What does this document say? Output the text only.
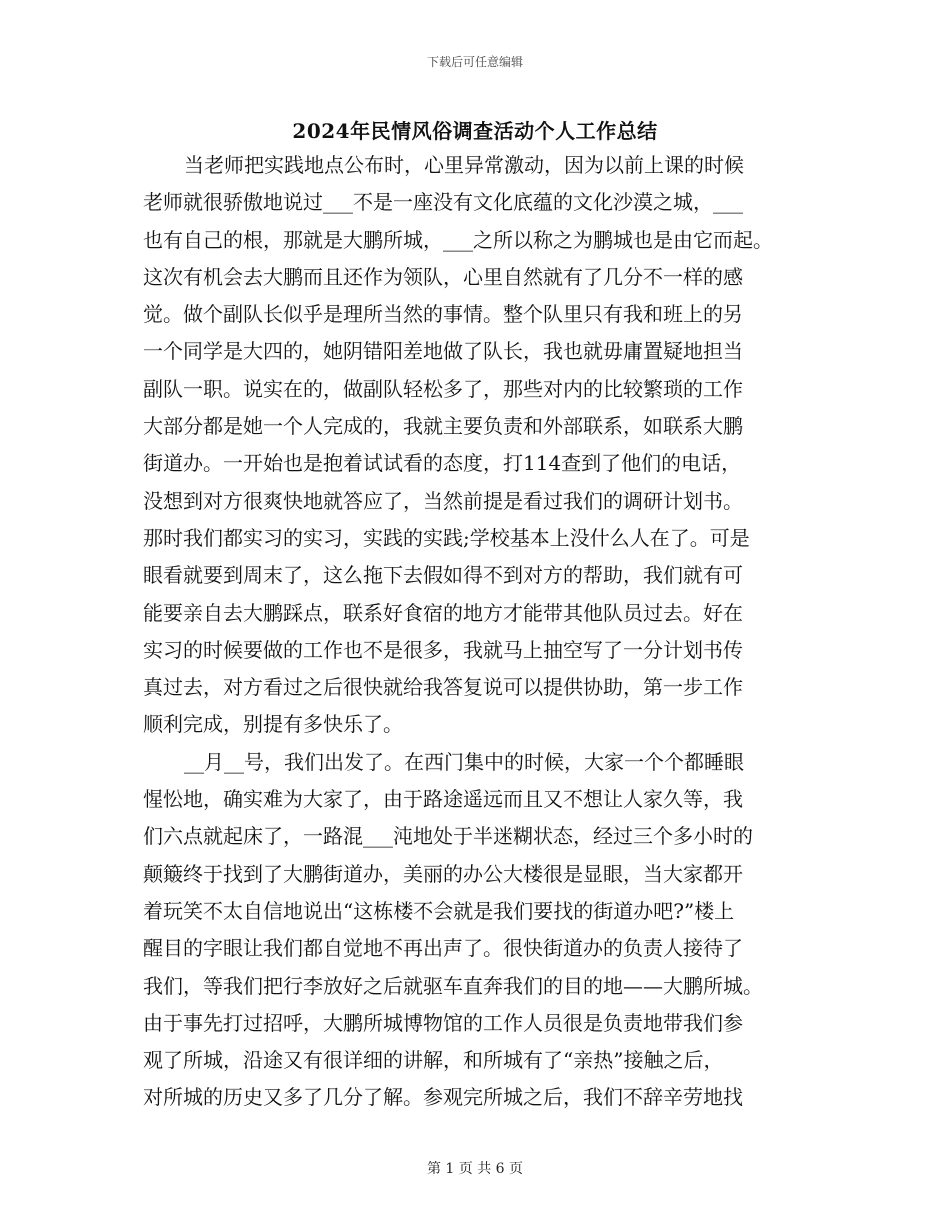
下载后可任意编辑
2024年民情风俗调查活动个人工作总结
当老师把实践地点公布时，心里异常激动，因为以前上课的时候
老师就很骄傲地说过___不是一座没有文化底蕴的文化沙漠之城，___
也有自己的根，那就是大鹏所城，___之所以称之为鹏城也是由它而起。
这次有机会去大鹏而且还作为领队，心里自然就有了几分不一样的感
觉。做个副队长似乎是理所当然的事情。整个队里只有我和班上的另
一个同学是大四的，她阴错阳差地做了队长，我也就毋庸置疑地担当
副队一职。说实在的，做副队轻松多了，那些对内的比较繁琐的工作
大部分都是她一个人完成的，我就主要负责和外部联系，如联系大鹏
街道办。一开始也是抱着试试看的态度，打114查到了他们的电话，
没想到对方很爽快地就答应了，当然前提是看过我们的调研计划书。
那时我们都实习的实习，实践的实践;学校基本上没什么人在了。可是
眼看就要到周末了，这么拖下去假如得不到对方的帮助，我们就有可
能要亲自去大鹏踩点，联系好食宿的地方才能带其他队员过去。好在
实习的时候要做的工作也不是很多，我就马上抽空写了一分计划书传
真过去，对方看过之后很快就给我答复说可以提供协助，第一步工作
顺利完成，别提有多快乐了。
__月__号，我们出发了。在西门集中的时候，大家一个个都睡眼
惺忪地，确实难为大家了，由于路途遥远而且又不想让人家久等，我
们六点就起床了，一路混___沌地处于半迷糊状态，经过三个多小时的
颠簸终于找到了大鹏街道办，美丽的办公大楼很是显眼，当大家都开
着玩笑不太自信地说出“这栋楼不会就是我们要找的街道办吧?”楼上
醒目的字眼让我们都自觉地不再出声了。很快街道办的负责人接待了
我们，等我们把行李放好之后就驱车直奔我们的目的地——大鹏所城。
由于事先打过招呼，大鹏所城博物馆的工作人员很是负责地带我们参
观了所城，沿途又有很详细的讲解，和所城有了“亲热”接触之后，
对所城的历史又多了几分了解。参观完所城之后，我们不辞辛劳地找
第 1 页 共 6 页
